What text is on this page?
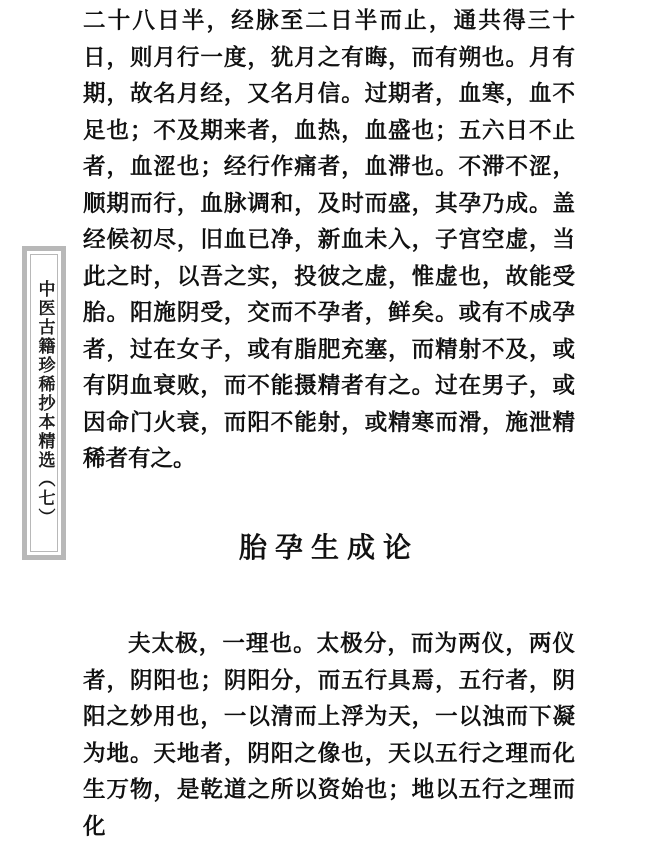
中医古籍珍稀抄本精选（七）

二十八日半，经脉至二日半而止，通共得三十日，则月行一度，犹月之有晦，而有朔也。月有期，故名月经，又名月信。过期者，血寒，血不足也；不及期来者，血热，血盛也；五六日不止者，血涩也；经行作痛者，血滞也。不滞不涩，顺期而行，血脉调和，及时而盛，其孕乃成。盖经候初尽，旧血已净，新血未入，子宫空虚，当此之时，以吾之实，投彼之虚，惟虚也，故能受胎。阳施阴受，交而不孕者，鲜矣。或有不成孕者，过在女子，或有脂肥充塞，而精射不及，或有阴血衰败，而不能摄精者有之。过在男子，或因命门火衰，而阳不能射，或精寒而滑，施泄精稀者有之。

胎孕生成论

夫太极，一理也。太极分，而为两仪，两仪者，阴阳也；阴阳分，而五行具焉，五行者，阴阳之妙用也，一以清而上浮为天，一以浊而下凝为地。天地者，阴阳之像也，天以五行之理而化生万物，是乾道之所以资始也；地以五行之理而化
